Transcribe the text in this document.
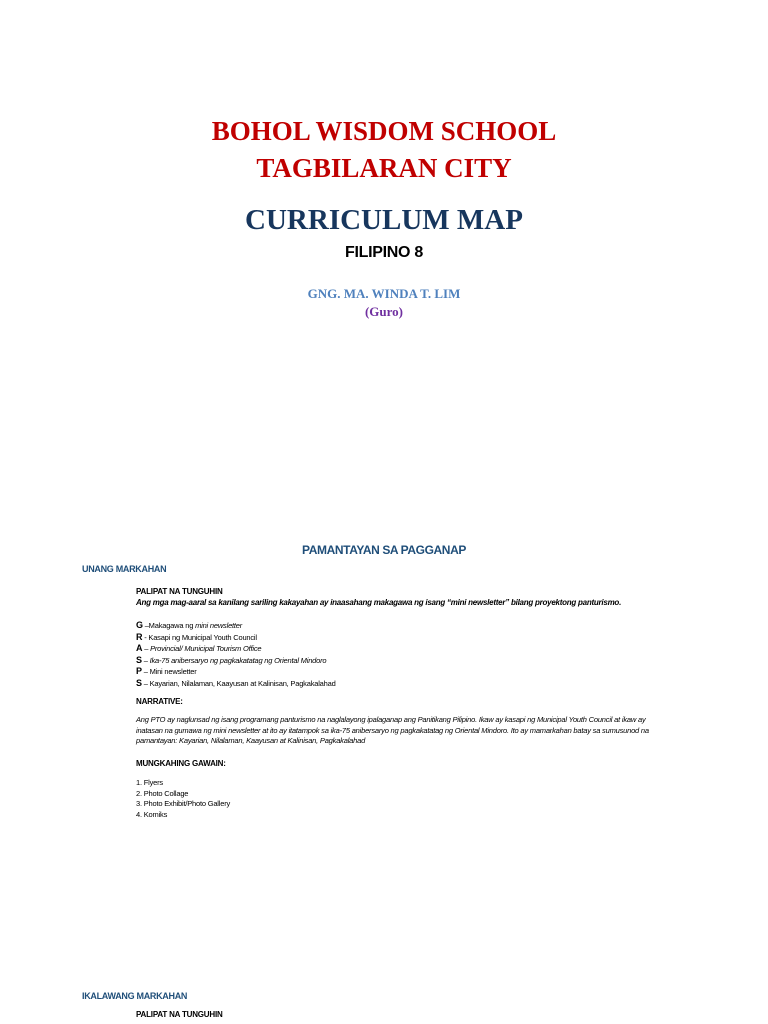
BOHOL WISDOM SCHOOL
TAGBILARAN CITY
CURRICULUM MAP
FILIPINO 8
GNG. MA. WINDA T. LIM
(Guro)
PAMANTAYAN SA PAGGANAP
UNANG MARKAHAN
PALIPAT NA TUNGUHIN
Ang mga mag-aaral sa kanilang sariling kakayahan ay inaasahang makagawa ng isang “mini newsletter” bilang proyektong panturismo.
G –Makagawa ng mini newsletter
R - Kasapi ng Municipal Youth Council
A – Provincial/ Municipal Tourism Office
S – Ika-75 anibersaryo ng pagkakatatag ng Oriental Mindoro
P – Mini newsletter
S – Kayarian, Nilalaman, Kaayusan at Kalinisan, Pagkakalahad
NARRATIVE:
Ang PTO ay naglunsad ng isang programang panturismo na naglalayong ipalaganap ang Panitikang Pilipino. Ikaw ay kasapi ng Municipal Youth Council at ikaw ay inatasan na gumawa ng mini newsletter at ito ay itatampok sa ika-75 anibersaryo ng pagkakatatag ng Oriental Mindoro. Ito ay mamarkahan batay sa sumusunod na pamantayan: Kayarian, Nilalaman, Kaayusan at Kalinisan, Pagkakalahad
MUNGKAHING GAWAIN:
1. Flyers
2. Photo Collage
3. Photo Exhibit/Photo Gallery
4. Komiks
IKALAWANG MARKAHAN
PALIPAT NA TUNGUHIN
